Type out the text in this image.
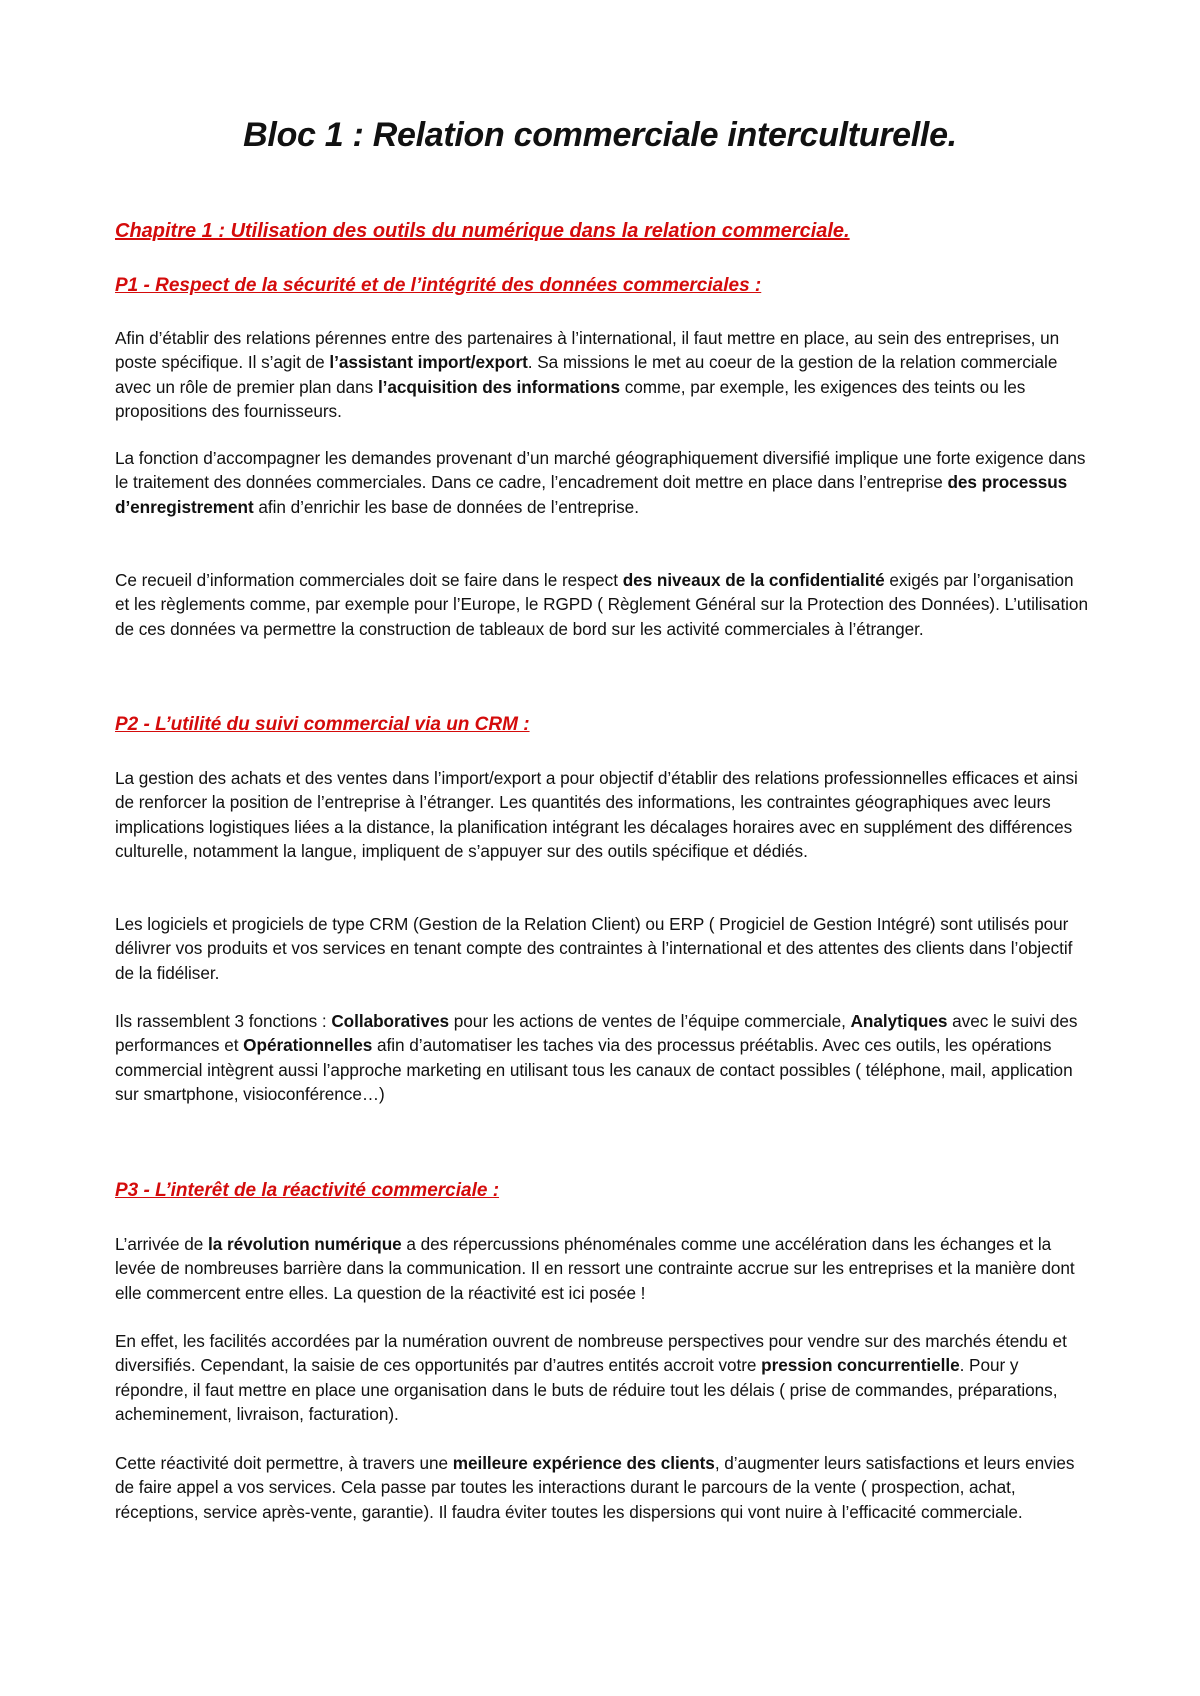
Bloc 1 : Relation commerciale interculturelle.
Chapitre 1 : Utilisation des outils du numérique dans la relation commerciale.
P1 - Respect de la sécurité et de l’intégrité des données commerciales :

Afin d’établir des relations pérennes entre des partenaires à l’international, il faut mettre en place, au sein des entreprises, un poste spécifique. Il s’agit de l’assistant import/export. Sa missions le met au coeur de la gestion de la relation commerciale avec un rôle de premier plan dans l’acquisition des informations comme, par exemple, les exigences des teints ou les propositions des fournisseurs.

La fonction d’accompagner les demandes provenant d’un marché géographiquement diversifié implique une forte exigence dans le traitement des données commerciales. Dans ce cadre, l’encadrement doit mettre en place dans l’entreprise des processus d’enregistrement afin d’enrichir les base de données de l’entreprise.

Ce recueil d’information commerciales doit se faire dans le respect des niveaux de la confidentialité exigés par l’organisation et les règlements comme, par exemple pour l’Europe, le RGPD ( Règlement Général sur la Protection des Données). L’utilisation de ces données va permettre la construction de tableaux de bord sur les activité commerciales à l’étranger.

P2 - L’utilité du suivi commercial via un CRM :

La gestion des achats et des ventes dans l’import/export a pour objectif d’établir des relations professionnelles efficaces et ainsi de renforcer la position de l’entreprise à l’étranger. Les quantités des informations, les contraintes géographiques avec leurs implications logistiques liées a la distance, la planification intégrant les décalages horaires avec en supplément des différences culturelle, notamment la langue, impliquent de s’appuyer sur des outils spécifique et dédiés.

Les logiciels et progiciels de type CRM (Gestion de la Relation Client) ou ERP ( Progiciel de Gestion Intégré) sont utilisés pour délivrer vos produits et vos services en tenant compte des contraintes à l’international et des attentes des clients dans l’objectif de la fidéliser.

Ils rassemblent 3 fonctions : Collaboratives pour les actions de ventes de l’équipe commerciale, Analytiques avec le suivi des performances et Opérationnelles afin d’automatiser les taches via des processus préétablis. Avec ces outils, les opérations commercial intègrent aussi l’approche marketing en utilisant tous les canaux de contact possibles ( téléphone, mail, application sur smartphone, visioconférence…)

P3 - L’interêt de la réactivité commerciale :

L’arrivée de la révolution numérique a des répercussions phénoménales comme une accélération dans les échanges et la levée de nombreuses barrière dans la communication. Il en ressort une contrainte accrue sur les entreprises et la manière dont elle commercent entre elles. La question de la réactivité est ici posée !

En effet, les facilités accordées par la numération ouvrent de nombreuse perspectives pour vendre sur des marchés étendu et diversifiés. Cependant, la saisie de ces opportunités par d’autres entités accroit votre pression concurrentielle. Pour y répondre, il faut mettre en place une organisation dans le buts de réduire tout les délais ( prise de commandes, préparations, acheminement, livraison, facturation).

Cette réactivité doit permettre, à travers une meilleure expérience des clients, d’augmenter leurs satisfactions et leurs envies de faire appel a vos services. Cela passe par toutes les interactions durant le parcours de la vente ( prospection, achat, réceptions, service après-vente, garantie). Il faudra éviter toutes les dispersions qui vont nuire à l’efficacité commerciale.
